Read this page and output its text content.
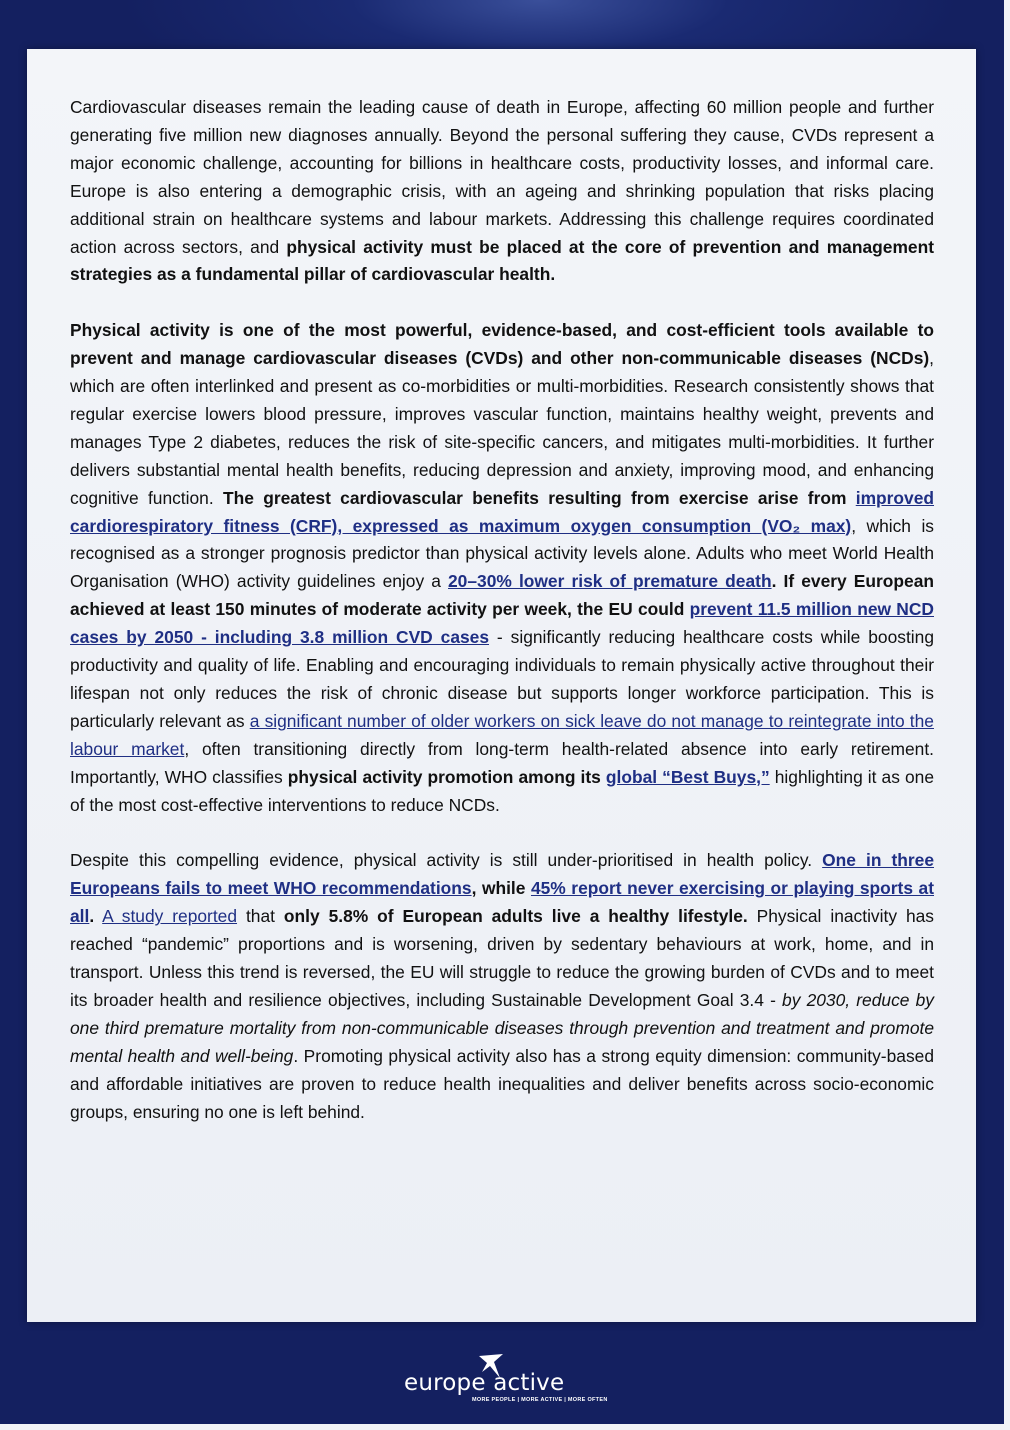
Cardiovascular diseases remain the leading cause of death in Europe, affecting 60 million people and further generating five million new diagnoses annually. Beyond the personal suffering they cause, CVDs represent a major economic challenge, accounting for billions in healthcare costs, productivity losses, and informal care. Europe is also entering a demographic crisis, with an ageing and shrinking population that risks placing additional strain on healthcare systems and labour markets. Addressing this challenge requires coordinated action across sectors, and physical activity must be placed at the core of prevention and management strategies as a fundamental pillar of cardiovascular health.

Physical activity is one of the most powerful, evidence-based, and cost-efficient tools available to prevent and manage cardiovascular diseases (CVDs) and other non-communicable diseases (NCDs), which are often interlinked and present as co-morbidities or multi-morbidities. Research consistently shows that regular exercise lowers blood pressure, improves vascular function, maintains healthy weight, prevents and manages Type 2 diabetes, reduces the risk of site-specific cancers, and mitigates multi-morbidities. It further delivers substantial mental health benefits, reducing depression and anxiety, improving mood, and enhancing cognitive function. The greatest cardiovascular benefits resulting from exercise arise from improved cardiorespiratory fitness (CRF), expressed as maximum oxygen consumption (VO₂ max), which is recognised as a stronger prognosis predictor than physical activity levels alone. Adults who meet World Health Organisation (WHO) activity guidelines enjoy a 20–30% lower risk of premature death. If every European achieved at least 150 minutes of moderate activity per week, the EU could prevent 11.5 million new NCD cases by 2050 - including 3.8 million CVD cases - significantly reducing healthcare costs while boosting productivity and quality of life. Enabling and encouraging individuals to remain physically active throughout their lifespan not only reduces the risk of chronic disease but supports longer workforce participation. This is particularly relevant as a significant number of older workers on sick leave do not manage to reintegrate into the labour market, often transitioning directly from long-term health-related absence into early retirement. Importantly, WHO classifies physical activity promotion among its global “Best Buys,” highlighting it as one of the most cost-effective interventions to reduce NCDs.

Despite this compelling evidence, physical activity is still under-prioritised in health policy. One in three Europeans fails to meet WHO recommendations, while 45% report never exercising or playing sports at all. A study reported that only 5.8% of European adults live a healthy lifestyle. Physical inactivity has reached “pandemic” proportions and is worsening, driven by sedentary behaviours at work, home, and in transport. Unless this trend is reversed, the EU will struggle to reduce the growing burden of CVDs and to meet its broader health and resilience objectives, including Sustainable Development Goal 3.4 - by 2030, reduce by one third premature mortality from non-communicable diseases through prevention and treatment and promote mental health and well-being. Promoting physical activity also has a strong equity dimension: community-based and affordable initiatives are proven to reduce health inequalities and deliver benefits across socio-economic groups, ensuring no one is left behind.

europe active
MORE PEOPLE | MORE ACTIVE | MORE OFTEN
